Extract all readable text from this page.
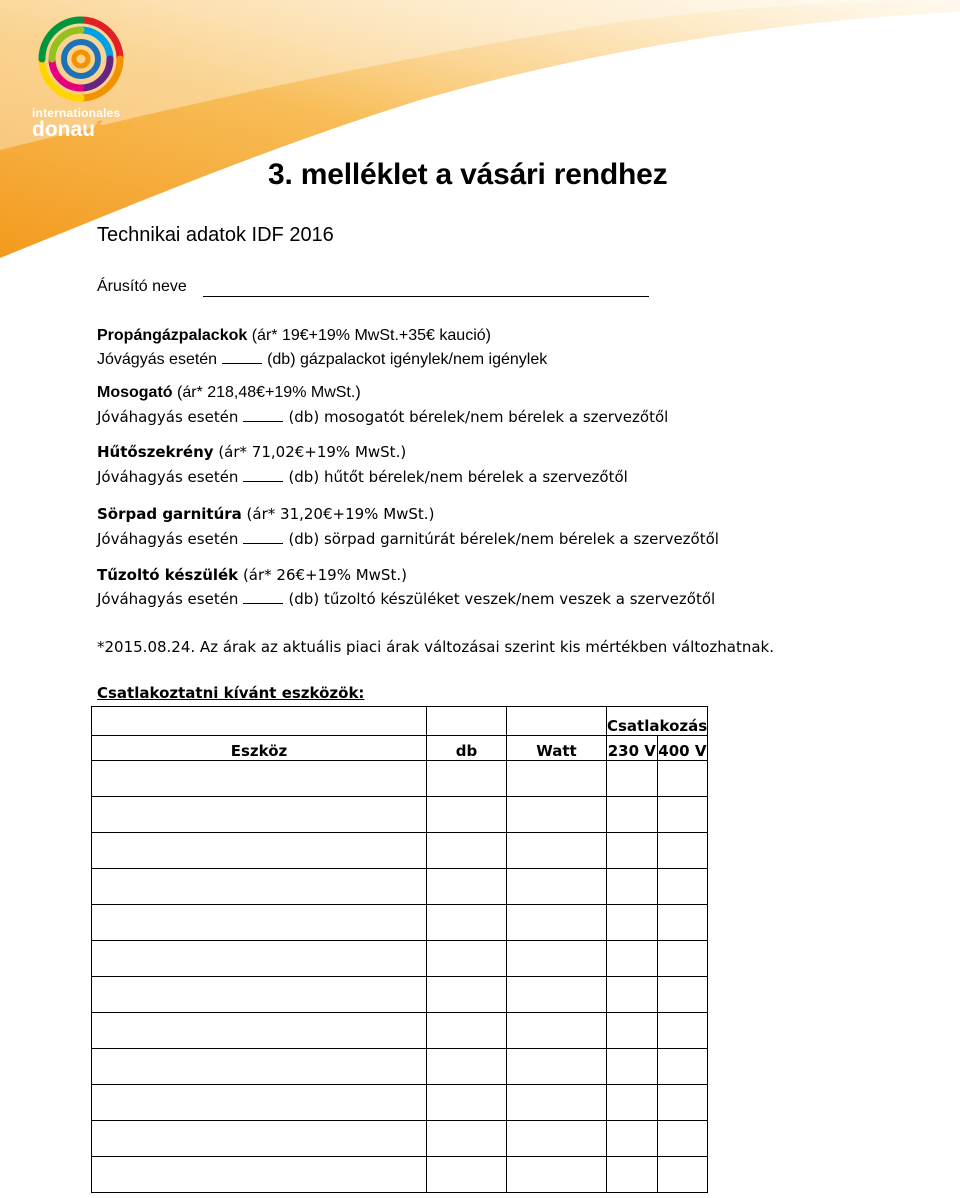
internationales
donaufest
3. melléklet a vásári rendhez
Technikai adatok IDF 2016
Árusító neve
Propángázpalackok (ár* 19€+19% MwSt.+35€ kaució)
Jóvágyás esetén	(db) gázpalackot igénylek/nem igénylek
Mosogató (ár* 218,48€+19% MwSt.)
Jóváhagyás esetén	(db) mosogatót bérelek/nem bérelek a szervezőtől
Hűtőszekrény (ár* 71,02€+19% MwSt.)
Jóváhagyás esetén	(db) hűtőt bérelek/nem bérelek a szervezőtől
Sörpad garnitúra (ár* 31,20€+19% MwSt.)
Jóváhagyás esetén	(db) sörpad garnitúrát bérelek/nem bérelek a szervezőtől
Tűzoltó készülék (ár* 26€+19% MwSt.)
Jóváhagyás esetén	(db) tűzoltó készüléket veszek/nem veszek a szervezőtől
*2015.08.24. Az árak az aktuális piaci árak változásai szerint kis mértékben változhatnak.
Csatlakoztatni kívánt eszközök:
			Csatlakozás	
Eszköz	db	Watt	230 V	400 V
